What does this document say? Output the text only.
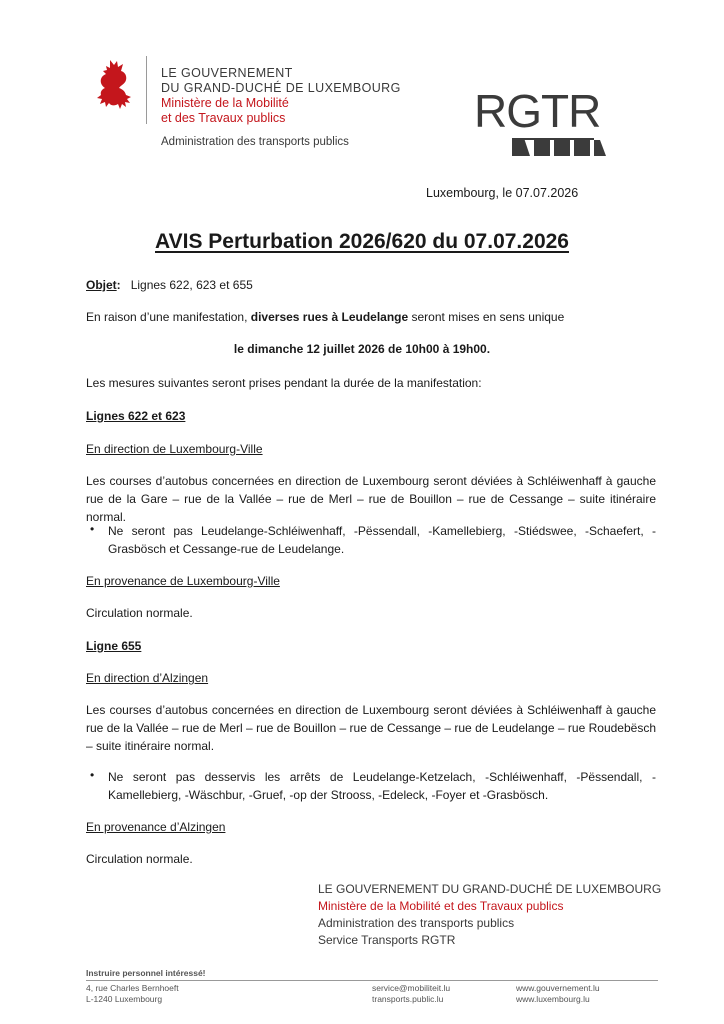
LE GOUVERNEMENT
DU GRAND-DUCHÉ DE LUXEMBOURG
Ministère de la Mobilité
et des Travaux publics
Administration des transports publics
RGTR
Luxembourg, le 07.07.2026
AVIS Perturbation 2026/620 du 07.07.2026
Objet: Lignes 622, 623 et 655
En raison d’une manifestation, diverses rues à Leudelange seront mises en sens unique
le dimanche 12 juillet 2026 de 10h00 à 19h00.
Les mesures suivantes seront prises pendant la durée de la manifestation:
Lignes 622 et 623
En direction de Luxembourg-Ville
Les courses d’autobus concernées en direction de Luxembourg seront déviées à Schléiwenhaff à gauche rue de la Gare – rue de la Vallée – rue de Merl – rue de Bouillon – rue de Cessange – suite itinéraire normal.
• Ne seront pas Leudelange-Schléiwenhaff, -Pëssendall, -Kamellebierg, -Stiédswee, -Schaefert, -Grasbösch et Cessange-rue de Leudelange.
En provenance de Luxembourg-Ville
Circulation normale.
Ligne 655
En direction d’Alzingen
Les courses d’autobus concernées en direction de Luxembourg seront déviées à Schléiwenhaff à gauche rue de la Vallée – rue de Merl – rue de Bouillon – rue de Cessange – rue de Leudelange – rue Roudebësch – suite itinéraire normal.
• Ne seront pas desservis les arrêts de Leudelange-Ketzelach, -Schléiwenhaff, -Pëssendall, -Kamellebierg, -Wäschbur, -Gruef, -op der Strooss, -Edeleck, -Foyer et -Grasbösch.
En provenance d’Alzingen
Circulation normale.
LE GOUVERNEMENT DU GRAND-DUCHÉ DE LUXEMBOURG
Ministère de la Mobilité et des Travaux publics
Administration des transports publics
Service Transports RGTR
Instruire personnel intéressé!
4, rue Charles Bernhoeft
L-1240 Luxembourg
service@mobiliteit.lu
transports.public.lu
www.gouvernement.lu
www.luxembourg.lu
